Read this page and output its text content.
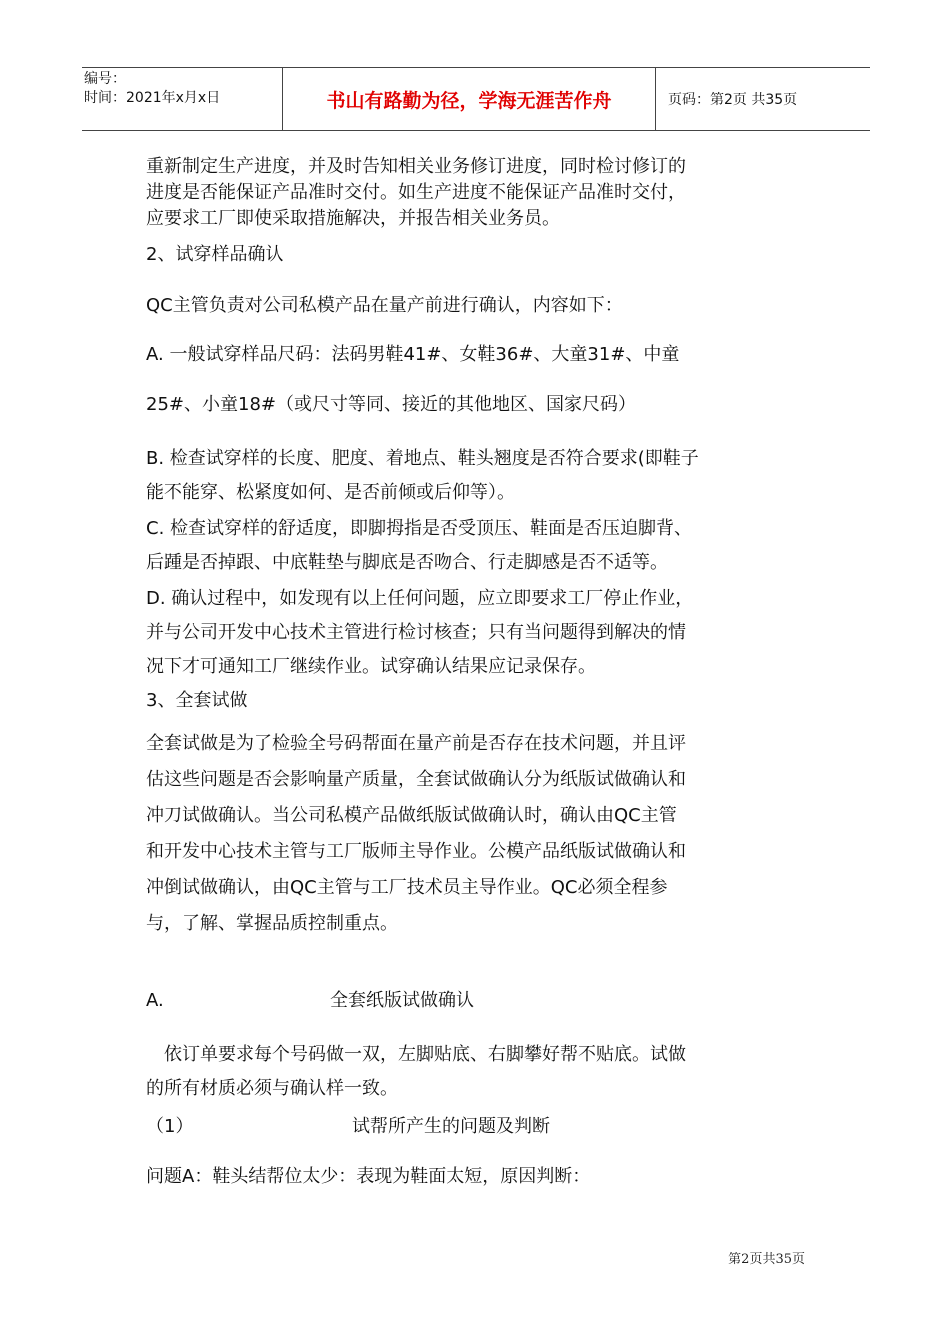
编号：
时间：2021年x月x日	书山有路勤为径，学海无涯苦作舟	页码：第2页 共35页

重新制定生产进度，并及时告知相关业务修订进度，同时检讨修订的
进度是否能保证产品准时交付。如生产进度不能保证产品准时交付，
应要求工厂即使采取措施解决，并报告相关业务员。

2、试穿样品确认

QC主管负责对公司私模产品在量产前进行确认，内容如下：

A. 一般试穿样品尺码：法码男鞋41#、女鞋36#、大童31#、中童

25#、小童18#（或尺寸等同、接近的其他地区、国家尺码）

B. 检查试穿样的长度、肥度、着地点、鞋头翘度是否符合要求(即鞋子
能不能穿、松紧度如何、是否前倾或后仰等）。

C. 检查试穿样的舒适度，即脚拇指是否受顶压、鞋面是否压迫脚背、
后踵是否掉跟、中底鞋垫与脚底是否吻合、行走脚感是否不适等。

D. 确认过程中，如发现有以上任何问题，应立即要求工厂停止作业，
并与公司开发中心技术主管进行检讨核查；只有当问题得到解决的情
况下才可通知工厂继续作业。试穿确认结果应记录保存。

3、全套试做

全套试做是为了检验全号码帮面在量产前是否存在技术问题，并且评
估这些问题是否会影响量产质量，全套试做确认分为纸版试做确认和
冲刀试做确认。当公司私模产品做纸版试做确认时，确认由QC主管
和开发中心技术主管与工厂版师主导作业。公模产品纸版试做确认和
冲倒试做确认，由QC主管与工厂技术员主导作业。QC必须全程参
与，了解、掌握品质控制重点。

A.	全套纸版试做确认

　依订单要求每个号码做一双，左脚贴底、右脚攀好帮不贴底。试做
的所有材质必须与确认样一致。

（1）	试帮所产生的问题及判断

问题A：鞋头结帮位太少：表现为鞋面太短，原因判断：

第2页共35页
